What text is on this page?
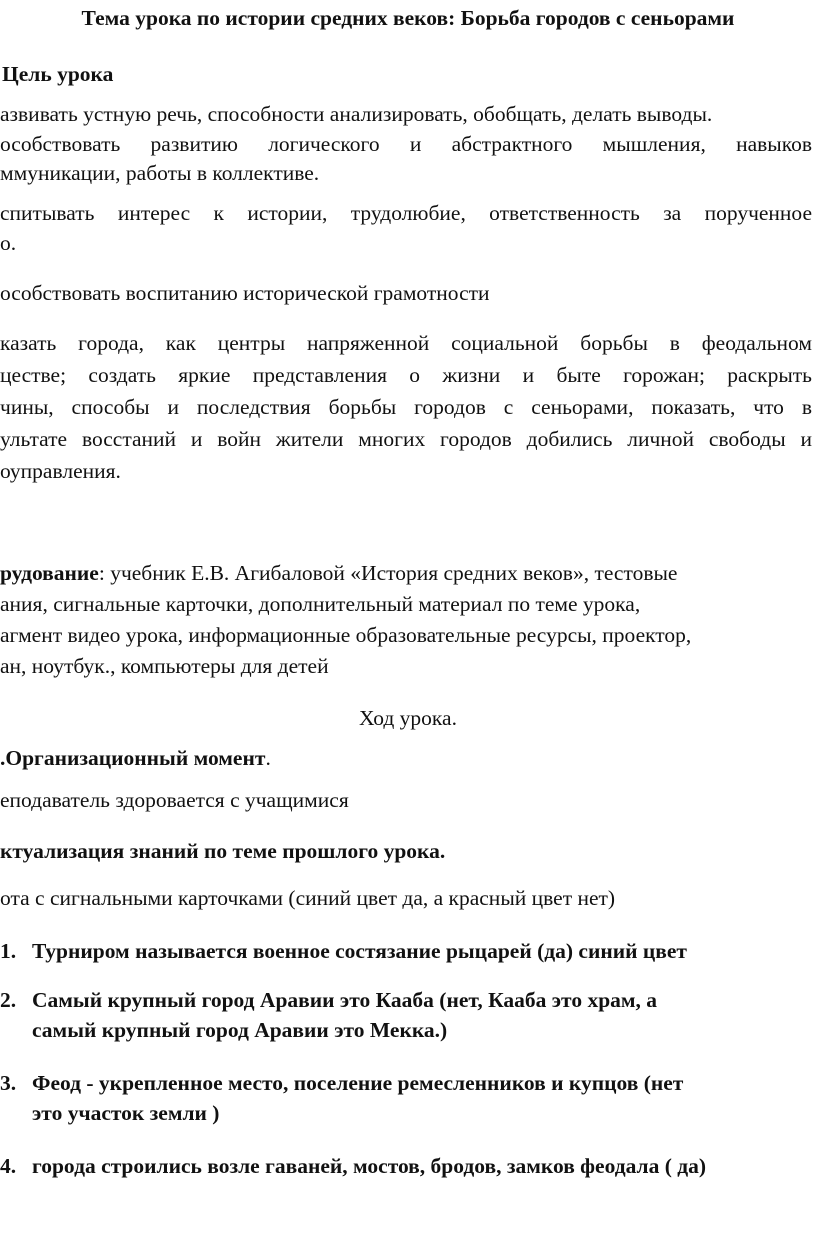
Тема урока по истории средних веков: Борьба городов с сеньорами
Цель урока
азвивать устную речь, способности анализировать, обобщать, делать выводы.
особствовать развитию логического и абстрактного мышления, навыков
ммуникации, работы в коллективе.
спитывать интерес к истории, трудолюбие, ответственность за порученное
о.
особствовать воспитанию исторической грамотности
казать города, как центры напряженной социальной борьбы в феодальном
цестве; создать яркие представления о жизни и быте горожан; раскрыть
чины, способы и последствия борьбы городов с сеньорами, показать, что в
ультате восстаний и войн жители многих городов добились личной свободы и
оуправления.
рудование: учебник Е.В. Агибаловой «История средних веков», тестовые
ания, сигнальные карточки, дополнительный материал по теме урока,
агмент видео урока, информационные образовательные ресурсы, проектор,
ан, ноутбук., компьютеры для детей
Ход урока.
.Организационный момент.
еподаватель здоровается с учащимися
ктуализация знаний по теме прошлого урока.
ота с сигнальными карточками (синий цвет да, а красный цвет нет)
1. Турниром называется военное состязание рыцарей (да) синий цвет
2. Самый крупный город Аравии это Кааба (нет, Кааба это храм, а
самый крупный город Аравии это Мекка.)
3. Феод - укрепленное место, поселение ремесленников и купцов (нет
это участок земли )
4. города строились возле гаваней, мостов, бродов, замков феодала ( да)
